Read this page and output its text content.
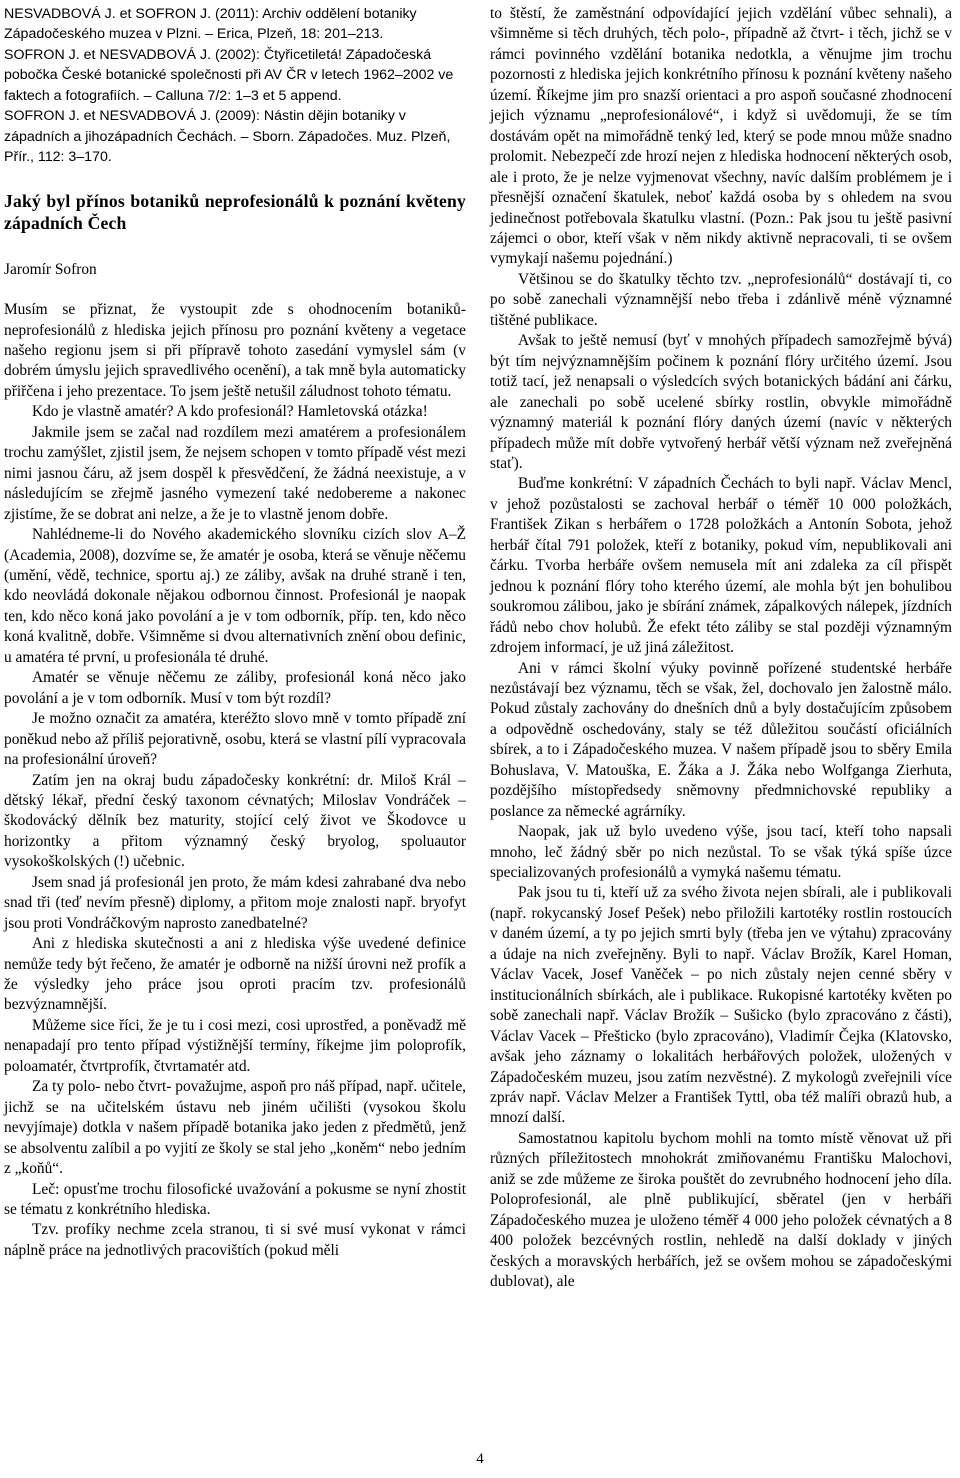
NESVADBOVÁ J. et SOFRON J. (2011): Archiv oddělení botaniky Západočeského muzea v Plzni. – Erica, Plzeň, 18: 201–213.

SOFRON J. et NESVADBOVÁ J. (2002): Čtyřicetiletá! Západočeská pobočka České botanické společnosti při AV ČR v letech 1962–2002 ve faktech a fotografiích. – Calluna 7/2: 1–3 et 5 append.

SOFRON J. et NESVADBOVÁ J. (2009): Nástin dějin botaniky v západních a jihozápadních Čechách. – Sborn. Západočes. Muz. Plzeň, Přír., 112: 3–170.

Jaký byl přínos botaniků neprofesionálů k poznání květeny západních Čech

Jaromír Sofron

Musím se přiznat, že vystoupit zde s ohodnocením botaniků-neprofesionálů z hlediska jejich přínosu pro poznání květeny a vegetace našeho regionu jsem si při přípravě tohoto zasedání vymyslel sám (v dobrém úmyslu jejich spravedlivého ocenění), a tak mně byla automaticky přiřčena i jeho prezentace. To jsem ještě netušil záludnost tohoto tématu.

Kdo je vlastně amatér? A kdo profesionál? Hamletovská otázka!

Jakmile jsem se začal nad rozdílem mezi amatérem a profesionálem trochu zamýšlet, zjistil jsem, že nejsem schopen v tomto případě vést mezi nimi jasnou čáru, až jsem dospěl k přesvědčení, že žádná neexistuje, a v následujícím se zřejmě jasného vymezení také nedobereme a nakonec zjistíme, že se dobrat ani nelze, a že je to vlastně jenom dobře.

Nahlédneme-li do Nového akademického slovníku cizích slov A–Ž (Academia, 2008), dozvíme se, že amatér je osoba, která se věnuje něčemu (umění, vědě, technice, sportu aj.) ze záliby, avšak na druhé straně i ten, kdo neovládá dokonale nějakou odbornou činnost. Profesionál je naopak ten, kdo něco koná jako povolání a je v tom odborník, příp. ten, kdo něco koná kvalitně, dobře. Všimněme si dvou alternativních znění obou definic, u amatéra té první, u profesionála té druhé.

Amatér se věnuje něčemu ze záliby, profesionál koná něco jako povolání a je v tom odborník. Musí v tom být rozdíl?

Je možno označit za amatéra, kteréžto slovo mně v tomto případě zní poněkud nebo až příliš pejorativně, osobu, která se vlastní pílí vypracovala na profesionální úroveň?

Zatím jen na okraj budu západočesky konkrétní: dr. Miloš Král – dětský lékař, přední český taxonom cévnatých; Miloslav Vondráček – škodovácký dělník bez maturity, stojící celý život ve Škodovce u horizontky a přitom významný český bryolog, spoluautor vysokoškolských (!) učebnic.

Jsem snad já profesionál jen proto, že mám kdesi zahrabané dva nebo snad tři (teď nevím přesně) diplomy, a přitom moje znalosti např. bryofyt jsou proti Vondráčkovým naprosto zanedbatelné?

Ani z hlediska skutečnosti a ani z hlediska výše uvedené definice nemůže tedy být řečeno, že amatér je odborně na nižší úrovni než profík a že výsledky jeho práce jsou oproti pracím tzv. profesionálů bezvýznamnější.

Můžeme sice říci, že je tu i cosi mezi, cosi uprostřed, a poněvadž mě nenapadají pro tento případ výstižnější termíny, říkejme jim poloprofík, poloamatér, čtvrtprofík, čtvrtamatér atd.

Za ty polo- nebo čtvrt- považujme, aspoň pro náš případ, např. učitele, jichž se na učitelském ústavu neb jiném učilišti (vysokou školu nevyjímaje) dotkla v našem případě botanika jako jeden z předmětů, jenž se absolventu zalíbil a po vyjití ze školy se stal jeho „koněm“ nebo jedním z „koňů“.

Leč: opusťme trochu filosofické uvažování a pokusme se nyní zhostit se tématu z konkrétního hlediska.

Tzv. profíky nechme zcela stranou, ti si své musí vykonat v rámci náplně práce na jednotlivých pracovištích (pokud měli

to štěstí, že zaměstnání odpovídající jejich vzdělání vůbec sehnali), a všimněme si těch druhých, těch polo-, případně až čtvrt- i těch, jichž se v rámci povinného vzdělání botanika nedotkla, a věnujme jim trochu pozornosti z hlediska jejich konkrétního přínosu k poznání květeny našeho území. Říkejme jim pro snazší orientaci a pro aspoň současné zhodnocení jejich významu „neprofesionálové“, i když si uvědomuji, že se tím dostávám opět na mimořádně tenký led, který se pode mnou může snadno prolomit. Nebezpečí zde hrozí nejen z hlediska hodnocení některých osob, ale i proto, že je nelze vyjmenovat všechny, navíc dalším problémem je i přesnější označení škatulek, neboť každá osoba by s ohledem na svou jedinečnost potřebovala škatulku vlastní. (Pozn.: Pak jsou tu ještě pasivní zájemci o obor, kteří však v něm nikdy aktivně nepracovali, ti se ovšem vymykají našemu pojednání.)

Většinou se do škatulky těchto tzv. „neprofesionálů“ dostávají ti, co po sobě zanechali významnější nebo třeba i zdánlivě méně významné tištěné publikace.

Avšak to ještě nemusí (byť v mnohých případech samozřejmě bývá) být tím nejvýznamnějším počinem k poznání flóry určitého území. Jsou totiž tací, jež nenapsali o výsledcích svých botanických bádání ani čárku, ale zanechali po sobě ucelené sbírky rostlin, obvykle mimořádně významný materiál k poznání flóry daných území (navíc v některých případech může mít dobře vytvořený herbář větší význam než zveřejněná stať).

Buďme konkrétní: V západních Čechách to byli např. Václav Mencl, v jehož pozůstalosti se zachoval herbář o téměř 10 000 položkách, František Zikan s herbářem o 1728 položkách a Antonín Sobota, jehož herbář čítal 791 položek, kteří z botaniky, pokud vím, nepublikovali ani čárku. Tvorba herbáře ovšem nemusela mít ani zdaleka za cíl přispět jednou k poznání flóry toho kterého území, ale mohla být jen bohulibou soukromou zálibou, jako je sbírání známek, zápalkových nálepek, jízdních řádů nebo chov holubů. Že efekt této záliby se stal později významným zdrojem informací, je už jiná záležitost.

Ani v rámci školní výuky povinně pořízené studentské herbáře nezůstávají bez významu, těch se však, žel, dochovalo jen žalostně málo. Pokud zůstaly zachovány do dnešních dnů a byly dostačujícím způsobem a odpovědně oschedovány, staly se též důležitou součástí oficiálních sbírek, a to i Západočeského muzea. V našem případě jsou to sběry Emila Bohuslava, V. Matouška, E. Žáka a J. Žáka nebo Wolfganga Zierhuta, pozdějšího místopředsedy sněmovny předmnichovské republiky a poslance za německé agrárníky.

Naopak, jak už bylo uvedeno výše, jsou tací, kteří toho napsali mnoho, leč žádný sběr po nich nezůstal. To se však týká spíše úzce specializovaných profesionálů a vymyká našemu tématu.

Pak jsou tu ti, kteří už za svého života nejen sbírali, ale i publikovali (např. rokycanský Josef Pešek) nebo přiložili kartotéky rostlin rostoucích v daném území, a ty po jejich smrti byly (třeba jen ve výtahu) zpracovány a údaje na nich zveřejněny. Byli to např. Václav Brožík, Karel Homan, Václav Vacek, Josef Vaněček – po nich zůstaly nejen cenné sběry v institucionálních sbírkách, ale i publikace. Rukopisné kartotéky květen po sobě zanechali např. Václav Brožík – Sušicko (bylo zpracováno z části), Václav Vacek – Přešticko (bylo zpracováno), Vladimír Čejka (Klatovsko, avšak jeho záznamy o lokalitách herbářových položek, uložených v Západočeském muzeu, jsou zatím nezvěstné). Z mykologů zveřejnili více zpráv např. Václav Melzer a František Tyttl, oba též malíři obrazů hub, a mnozí další.

Samostatnou kapitolu bychom mohli na tomto místě věnovat už při různých příležitostech mnohokrát zmiňovanému Františku Malochovi, aniž se zde můžeme ze široka pouštět do zevrubného hodnocení jeho díla. Poloprofesionál, ale plně publikující, sběratel (jen v herbáři Západočeského muzea je uloženo téměř 4 000 jeho položek cévnatých a 8 400 položek bezcévných rostlin, nehledě na další doklady v jiných českých a moravských herbářích, jež se ovšem mohou se západočeskými dublovat), ale

4
